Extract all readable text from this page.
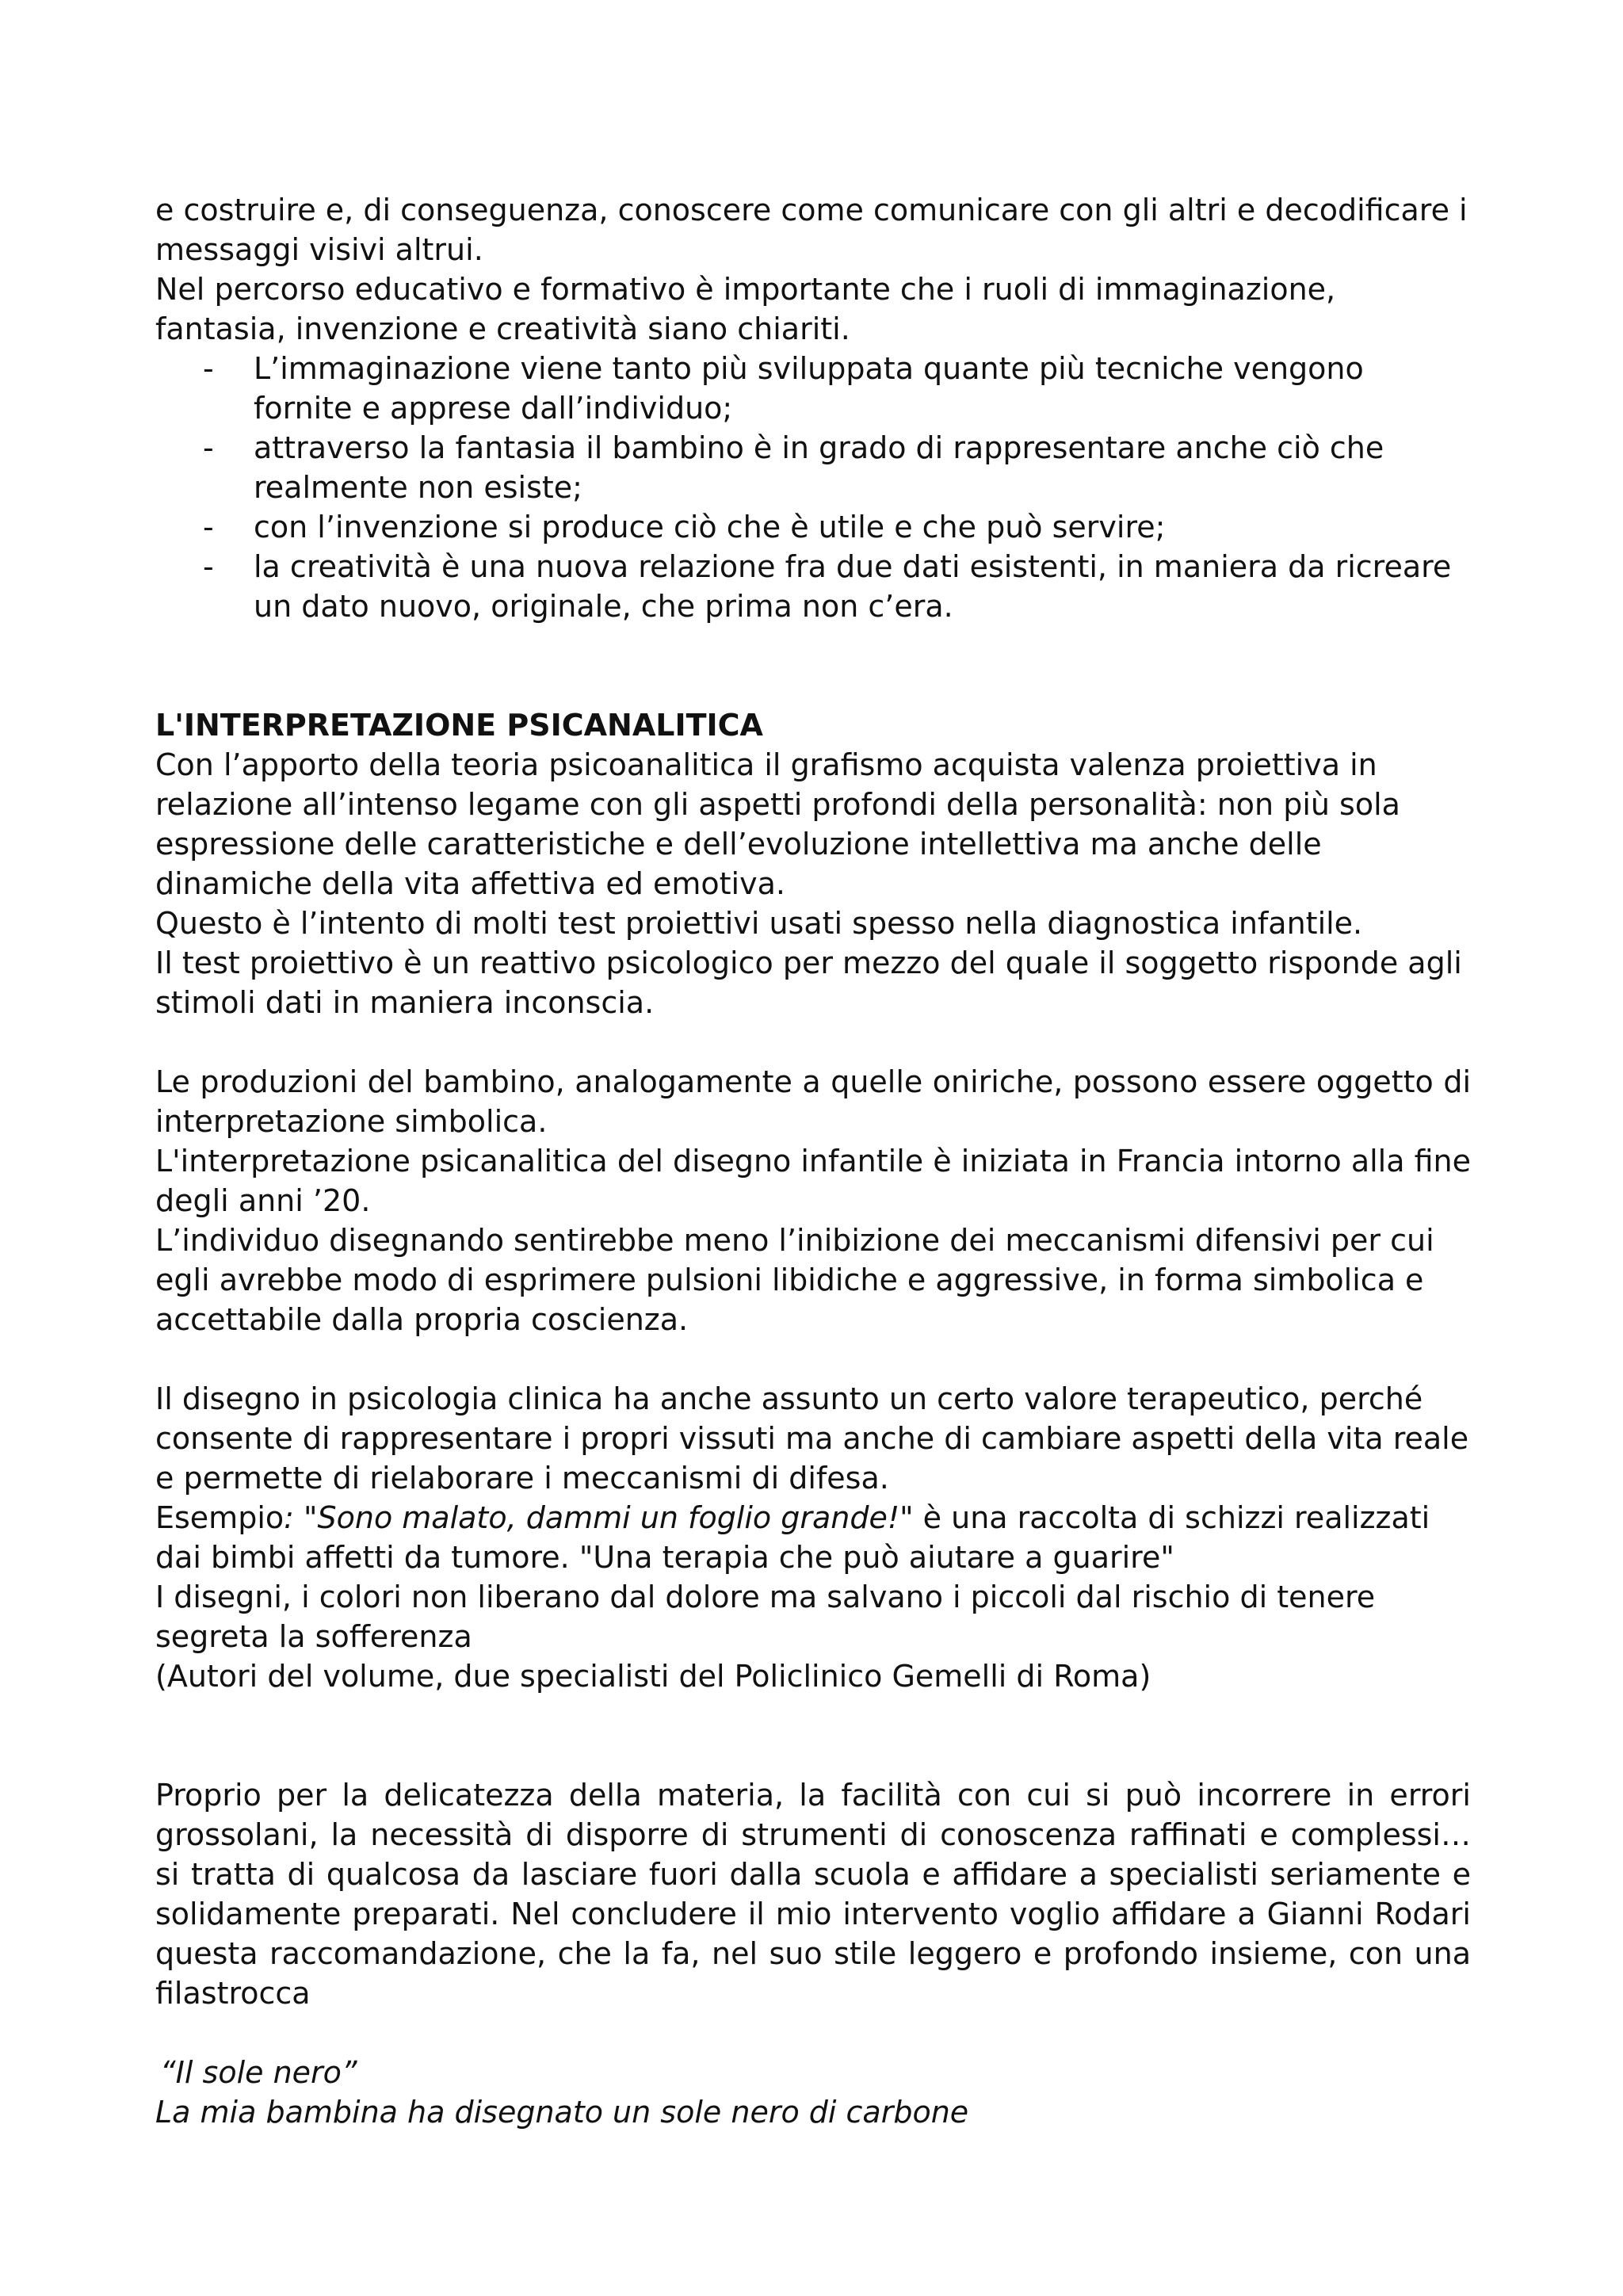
e costruire e, di conseguenza, conoscere come comunicare con gli altri e decodificare i messaggi visivi altrui.

Nel percorso educativo e formativo è importante che i ruoli di immaginazione, fantasia, invenzione e creatività siano chiariti.

- L’immaginazione viene tanto più sviluppata quante più tecniche vengono fornite e apprese dall’individuo;
- attraverso la fantasia il bambino è in grado di rappresentare anche ciò che realmente non esiste;
- con l’invenzione si produce ciò che è utile e che può servire;
- la creatività è una nuova relazione fra due dati esistenti, in maniera da ricreare un dato nuovo, originale, che prima non c’era.

L'INTERPRETAZIONE PSICANALITICA

Con l’apporto della teoria psicoanalitica il grafismo acquista valenza proiettiva in relazione all’intenso legame con gli aspetti profondi della personalità: non più sola espressione delle caratteristiche e dell’evoluzione intellettiva ma anche delle dinamiche della vita affettiva ed emotiva.

Questo è l’intento di molti test proiettivi usati spesso nella diagnostica infantile.

Il test proiettivo è un reattivo psicologico per mezzo del quale il soggetto risponde agli stimoli dati in maniera inconscia.

Le produzioni del bambino, analogamente a quelle oniriche, possono essere oggetto di interpretazione simbolica.

L'interpretazione psicanalitica del disegno infantile è iniziata in Francia intorno alla fine degli anni ’20.

L’individuo disegnando sentirebbe meno l’inibizione dei meccanismi difensivi per cui egli avrebbe modo di esprimere pulsioni libidiche e aggressive, in forma simbolica e accettabile dalla propria coscienza.

Il disegno in psicologia clinica ha anche assunto un certo valore terapeutico, perché consente di rappresentare i propri vissuti ma anche di cambiare aspetti della vita reale e permette di rielaborare i meccanismi di difesa.

Esempio: "Sono malato, dammi un foglio grande!" è una raccolta di schizzi realizzati dai bimbi affetti da tumore. "Una terapia che può aiutare a guarire"

I disegni, i colori non liberano dal dolore ma salvano i piccoli dal rischio di tenere segreta la sofferenza

(Autori del volume, due specialisti del Policlinico Gemelli di Roma)

Proprio per la delicatezza della materia, la facilità con cui si può incorrere in errori grossolani, la necessità di disporre di strumenti di conoscenza raffinati e complessi… si tratta di qualcosa da lasciare fuori dalla scuola e affidare a specialisti seriamente e solidamente preparati. Nel concludere il mio intervento voglio affidare a Gianni Rodari questa raccomandazione, che la fa, nel suo stile leggero e profondo insieme, con una filastrocca

“Il sole nero”

La mia bambina ha disegnato un sole nero di carbone
